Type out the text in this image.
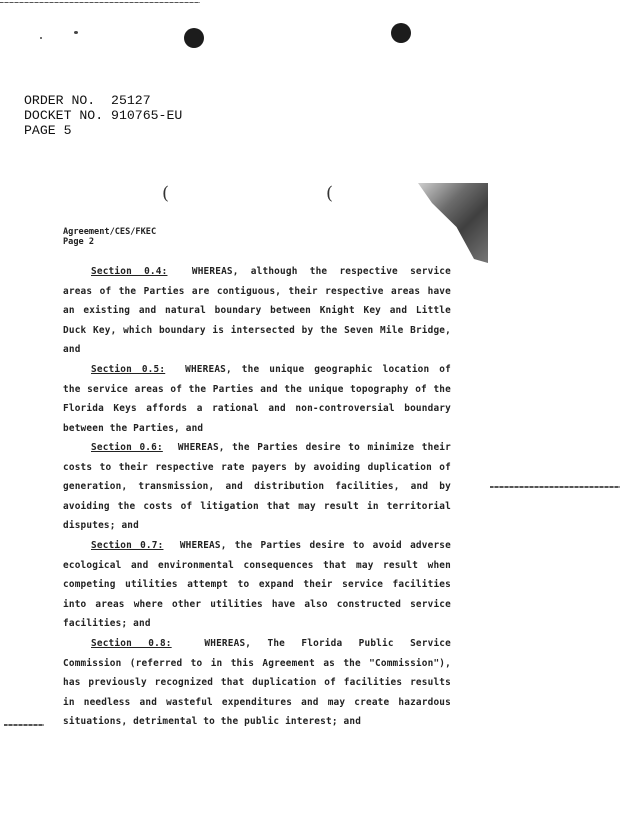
(	(
ORDER NO.  25127
DOCKET NO. 910765-EU
PAGE 5
Agreement/CES/FKEC
Page 2
Section 0.4:	WHEREAS, although the respective service
areas of the Parties are contiguous, their respective areas have
an existing and natural boundary between Knight Key and Little
Duck Key, which boundary is intersected by the Seven Mile Bridge,
and
Section 0.5: WHEREAS, the unique geographic location of
the service areas of the Parties and the unique topography of the
Florida Keys affords a rational and non-controversial boundary
between the Parties, and
Section 0.6: WHEREAS, the Parties desire to minimize their
costs to their respective rate payers by avoiding duplication of
generation, transmission, and distribution facilities, and by
avoiding the costs of litigation that may result in territorial
disputes; and
Section 0.7: WHEREAS, the Parties desire to avoid adverse
ecological and environmental consequences that may result when
competing utilities attempt to expand their service facilities
into areas where other utilities have also constructed service
facilities; and
Section 0.8:	WHEREAS, The Florida Public Service
Commission (referred to in this Agreement as the "Commission"),
has previously recognized that duplication of facilities results
in needless and wasteful expenditures and may create hazardous
situations, detrimental to the public interest; and
